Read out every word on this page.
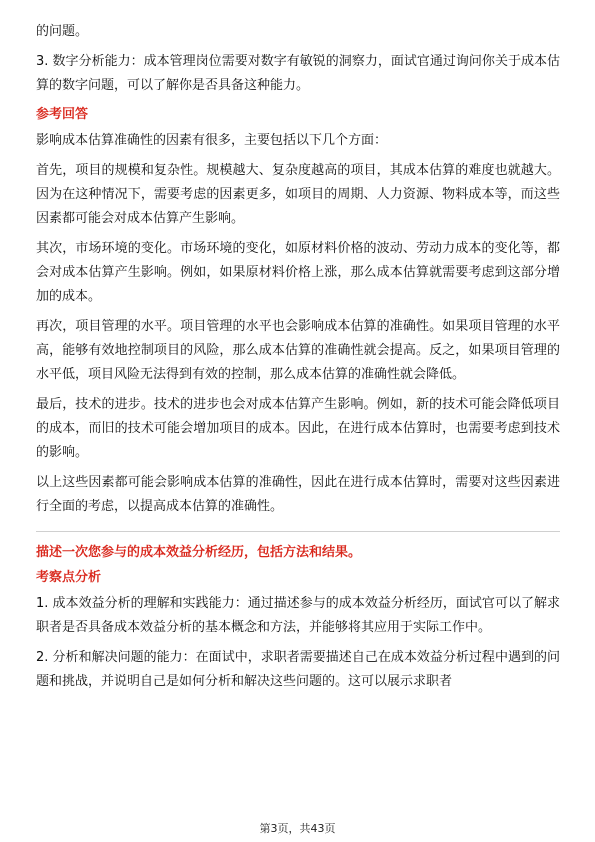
的问题。

3. 数字分析能力：成本管理岗位需要对数字有敏锐的洞察力，面试官通过询问你关于成本估算的数字问题，可以了解你是否具备这种能力。

参考回答

影响成本估算准确性的因素有很多，主要包括以下几个方面：

首先，项目的规模和复杂性。规模越大、复杂度越高的项目，其成本估算的难度也就越大。因为在这种情况下，需要考虑的因素更多，如项目的周期、人力资源、物料成本等，而这些因素都可能会对成本估算产生影响。

其次，市场环境的变化。市场环境的变化，如原材料价格的波动、劳动力成本的变化等，都会对成本估算产生影响。例如，如果原材料价格上涨，那么成本估算就需要考虑到这部分增加的成本。

再次，项目管理的水平。项目管理的水平也会影响成本估算的准确性。如果项目管理的水平高，能够有效地控制项目的风险，那么成本估算的准确性就会提高。反之，如果项目管理的水平低，项目风险无法得到有效的控制，那么成本估算的准确性就会降低。

最后，技术的进步。技术的进步也会对成本估算产生影响。例如，新的技术可能会降低项目的成本，而旧的技术可能会增加项目的成本。因此，在进行成本估算时，也需要考虑到技术的影响。

以上这些因素都可能会影响成本估算的准确性，因此在进行成本估算时，需要对这些因素进行全面的考虑，以提高成本估算的准确性。

描述一次您参与的成本效益分析经历，包括方法和结果。
考察点分析

1. 成本效益分析的理解和实践能力：通过描述参与的成本效益分析经历，面试官可以了解求职者是否具备成本效益分析的基本概念和方法，并能够将其应用于实际工作中。

2. 分析和解决问题的能力：在面试中，求职者需要描述自己在成本效益分析过程中遇到的问题和挑战，并说明自己是如何分析和解决这些问题的。这可以展示求职者

第3页，共43页
